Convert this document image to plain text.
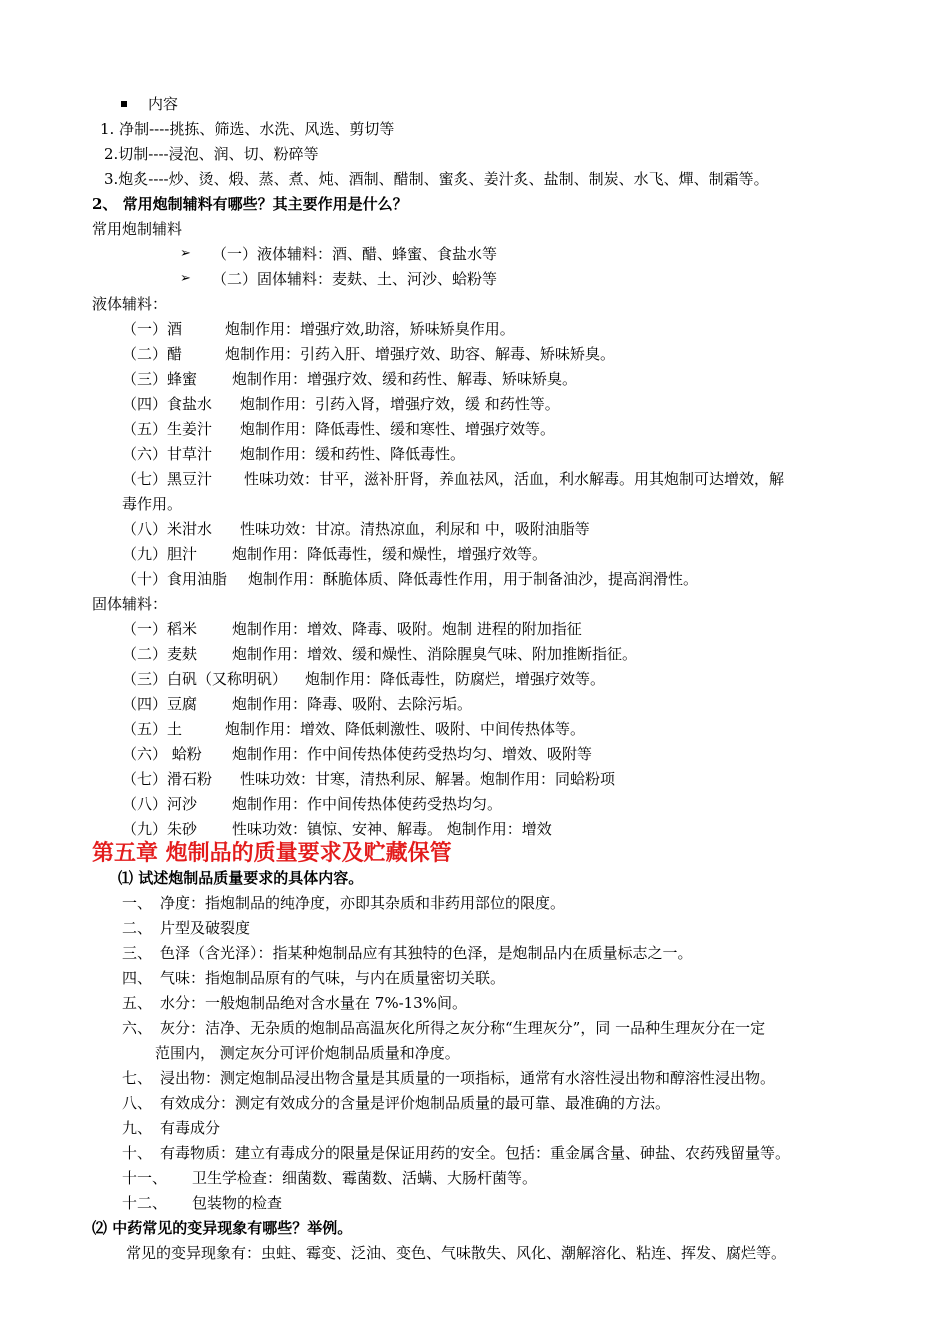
内容
1. 净制----挑拣、筛选、水洗、风选、剪切等
2.切制----浸泡、润、切、粉碎等
3.炮炙----炒、烫、煅、蒸、煮、炖、酒制、醋制、蜜炙、姜汁炙、盐制、制炭、水飞、燀、制霜等。
2、 常用炮制辅料有哪些？其主要作用是什么？
常用炮制辅料
➢ （一）液体辅料：酒、醋、蜂蜜、食盐水等
➢ （二）固体辅料：麦麸、土、河沙、蛤粉等
液体辅料：
（一）酒	炮制作用：增强疗效,助溶，矫味矫臭作用。
（二）醋	炮制作用：引药入肝、增强疗效、助容、解毒、矫味矫臭。
（三）蜂蜜 炮制作用：增强疗效、缓和药性、解毒、矫味矫臭。
（四）食盐水 炮制作用：引药入肾，增强疗效，缓 和药性等。
（五）生姜汁 炮制作用：降低毒性、缓和寒性、增强疗效等。
（六）甘草汁 炮制作用：缓和药性、降低毒性。
（七）黑豆汁 性味功效：甘平，滋补肝肾，养血祛风，活血，利水解毒。用其炮制可达增效，解
毒作用。
（八）米泔水 性味功效：甘凉。清热凉血，利尿和 中，吸附油脂等
（九）胆汁 炮制作用：降低毒性，缓和燥性，增强疗效等。
（十）食用油脂 炮制作用：酥脆体质、降低毒性作用，用于制备油沙，提高润滑性。
固体辅料：
（一）稻米 炮制作用：增效、降毒、吸附。炮制 进程的附加指征
（二）麦麸 炮制作用：增效、缓和燥性、消除腥臭气味、附加推断指征。
（三）白矾（又称明矾） 炮制作用：降低毒性，防腐烂，增强疗效等。
（四）豆腐 炮制作用：降毒、吸附、去除污垢。
（五）土	炮制作用：增效、降低刺激性、吸附、中间传热体等。
（六） 蛤粉 炮制作用：作中间传热体使药受热均匀、增效、吸附等
（七）滑石粉 性味功效：甘寒，清热利尿、解暑。炮制作用：同蛤粉项
（八）河沙 炮制作用：作中间传热体使药受热均匀。
（九）朱砂 性味功效：镇惊、安神、解毒。 炮制作用：增效
第五章 炮制品的质量要求及贮藏保管
⑴ 试述炮制品质量要求的具体内容。
一、 净度：指炮制品的纯净度，亦即其杂质和非药用部位的限度。
二、 片型及破裂度
三、 色泽（含光泽）：指某种炮制品应有其独特的色泽，是炮制品内在质量标志之一。
四、 气味：指炮制品原有的气味，与内在质量密切关联。
五、 水分：一般炮制品绝对含水量在 7%-13%间。
六、 灰分：洁净、无杂质的炮制品高温灰化所得之灰分称“生理灰分”，同 一品种生理灰分在一定
范围内， 测定灰分可评价炮制品质量和净度。
七、 浸出物：测定炮制品浸出物含量是其质量的一项指标，通常有水溶性浸出物和醇溶性浸出物。
八、 有效成分：测定有效成分的含量是评价炮制品质量的最可靠、最准确的方法。
九、 有毒成分
十、 有毒物质：建立有毒成分的限量是保证用药的安全。包括：重金属含量、砷盐、农药残留量等。
十一、 卫生学检查：细菌数、霉菌数、活螨、大肠杆菌等。
十二、 包装物的检查
⑵ 中药常见的变异现象有哪些？举例。
常见的变异现象有：虫蛀、霉变、泛油、变色、气味散失、风化、潮解溶化、粘连、挥发、腐烂等。
